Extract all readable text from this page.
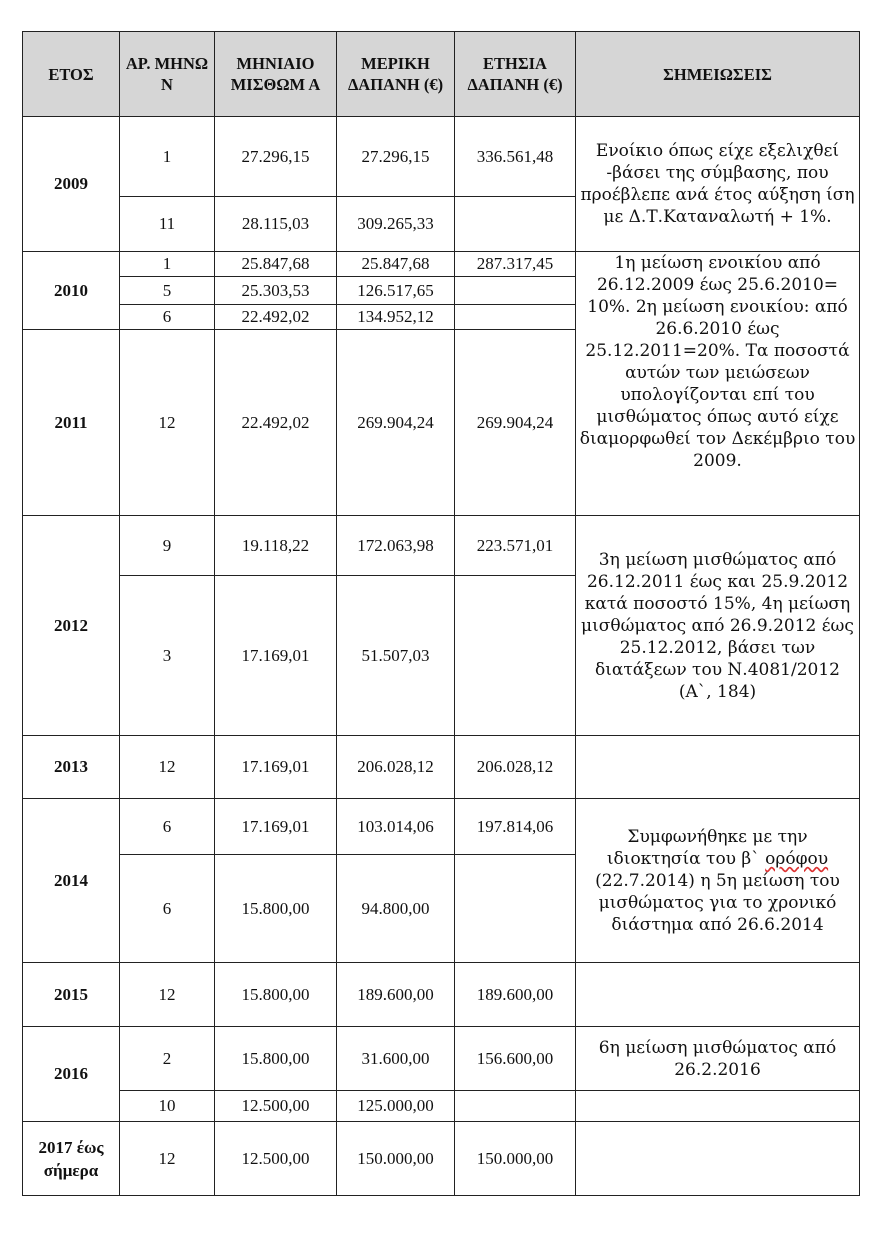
ΕΤΟΣ	ΑΡ. ΜΗΝΩ Ν	ΜΗΝΙΑΙΟ ΜΙΣΘΩΜ Α	ΜΕΡΙΚΗ ΔΑΠΑΝΗ (€)	ΕΤΗΣΙΑ ΔΑΠΑΝΗ (€)	ΣΗΜΕΙΩΣΕΙΣ
2009	1	27.296,15	27.296,15	336.561,48	Ενοίκιο όπως είχε εξελιχθεί -βάσει της σύμβασης, που προέβλεπε ανά έτος αύξηση ίση με Δ.Τ.Καταναλωτή + 1%.
	11	28.115,03	309.265,33		
2010	1	25.847,68	25.847,68	287.317,45	1η μείωση ενοικίου από 26.12.2009 έως 25.6.2010= 10%. 2η μείωση ενοικίου: από 26.6.2010 έως 25.12.2011=20%. Τα ποσοστά αυτών των μειώσεων υπολογίζονται επί του μισθώματος όπως αυτό είχε διαμορφωθεί τον Δεκέμβριο του 2009.
	5	25.303,53	126.517,65		
	6	22.492,02	134.952,12		
2011	12	22.492,02	269.904,24	269.904,24	
2012	9	19.118,22	172.063,98	223.571,01	3η μείωση μισθώματος από 26.12.2011 έως και 25.9.2012 κατά ποσοστό 15%, 4η μείωση μισθώματος από 26.9.2012 έως 25.12.2012, βάσει των διατάξεων του Ν.4081/2012 (Α`, 184)
	3	17.169,01	51.507,03		
2013	12	17.169,01	206.028,12	206.028,12	
2014	6	17.169,01	103.014,06	197.814,06	Συμφωνήθηκε με την ιδιοκτησία του β` ορόφου (22.7.2014) η 5η μείωση του μισθώματος για το χρονικό διάστημα από 26.6.2014
	6	15.800,00	94.800,00		
2015	12	15.800,00	189.600,00	189.600,00	
2016	2	15.800,00	31.600,00	156.600,00	6η μείωση μισθώματος από 26.2.2016
	10	12.500,00	125.000,00		
2017 έως σήμερα	12	12.500,00	150.000,00	150.000,00	
